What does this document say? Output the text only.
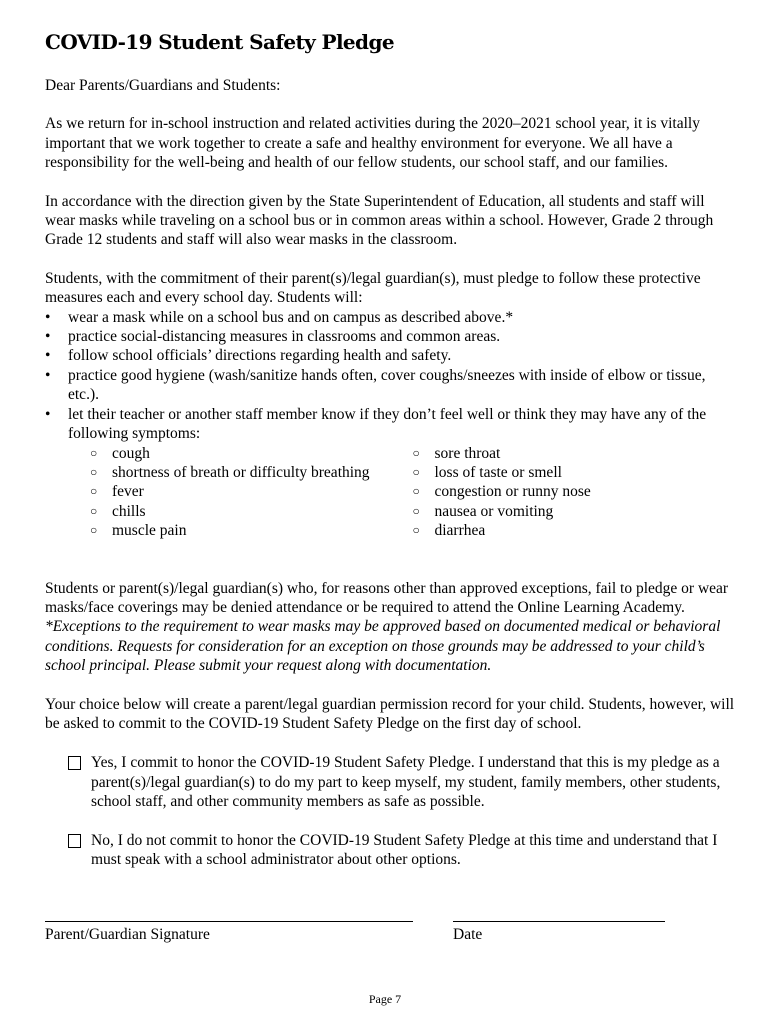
COVID-19 Student Safety Pledge

Dear Parents/Guardians and Students:

As we return for in-school instruction and related activities during the 2020–2021 school year, it is vitally important that we work together to create a safe and healthy environment for everyone. We all have a responsibility for the well-being and health of our fellow students, our school staff, and our families.

In accordance with the direction given by the State Superintendent of Education, all students and staff will wear masks while traveling on a school bus or in common areas within a school. However, Grade 2 through Grade 12 students and staff will also wear masks in the classroom.

Students, with the commitment of their parent(s)/legal guardian(s), must pledge to follow these protective measures each and every school day. Students will:

• wear a mask while on a school bus and on campus as described above.*
• practice social-distancing measures in classrooms and common areas.
• follow school officials’ directions regarding health and safety.
• practice good hygiene (wash/sanitize hands often, cover coughs/sneezes with inside of elbow or tissue, etc.).
• let their teacher or another staff member know if they don’t feel well or think they may have any of the following symptoms:
○ cough
○ shortness of breath or difficulty breathing
○ fever
○ chills
○ muscle pain
○ sore throat
○ loss of taste or smell
○ congestion or runny nose
○ nausea or vomiting
○ diarrhea

Students or parent(s)/legal guardian(s) who, for reasons other than approved exceptions, fail to pledge or wear masks/face coverings may be denied attendance or be required to attend the Online Learning Academy. *Exceptions to the requirement to wear masks may be approved based on documented medical or behavioral conditions. Requests for consideration for an exception on those grounds may be addressed to your child’s school principal. Please submit your request along with documentation.

Your choice below will create a parent/legal guardian permission record for your child. Students, however, will be asked to commit to the COVID-19 Student Safety Pledge on the first day of school.

Yes, I commit to honor the COVID-19 Student Safety Pledge. I understand that this is my pledge as a parent(s)/legal guardian(s) to do my part to keep myself, my student, family members, other students, school staff, and other community members as safe as possible.
No, I do not commit to honor the COVID-19 Student Safety Pledge at this time and understand that I must speak with a school administrator about other options.
Parent/Guardian Signature	Date
Page 7
